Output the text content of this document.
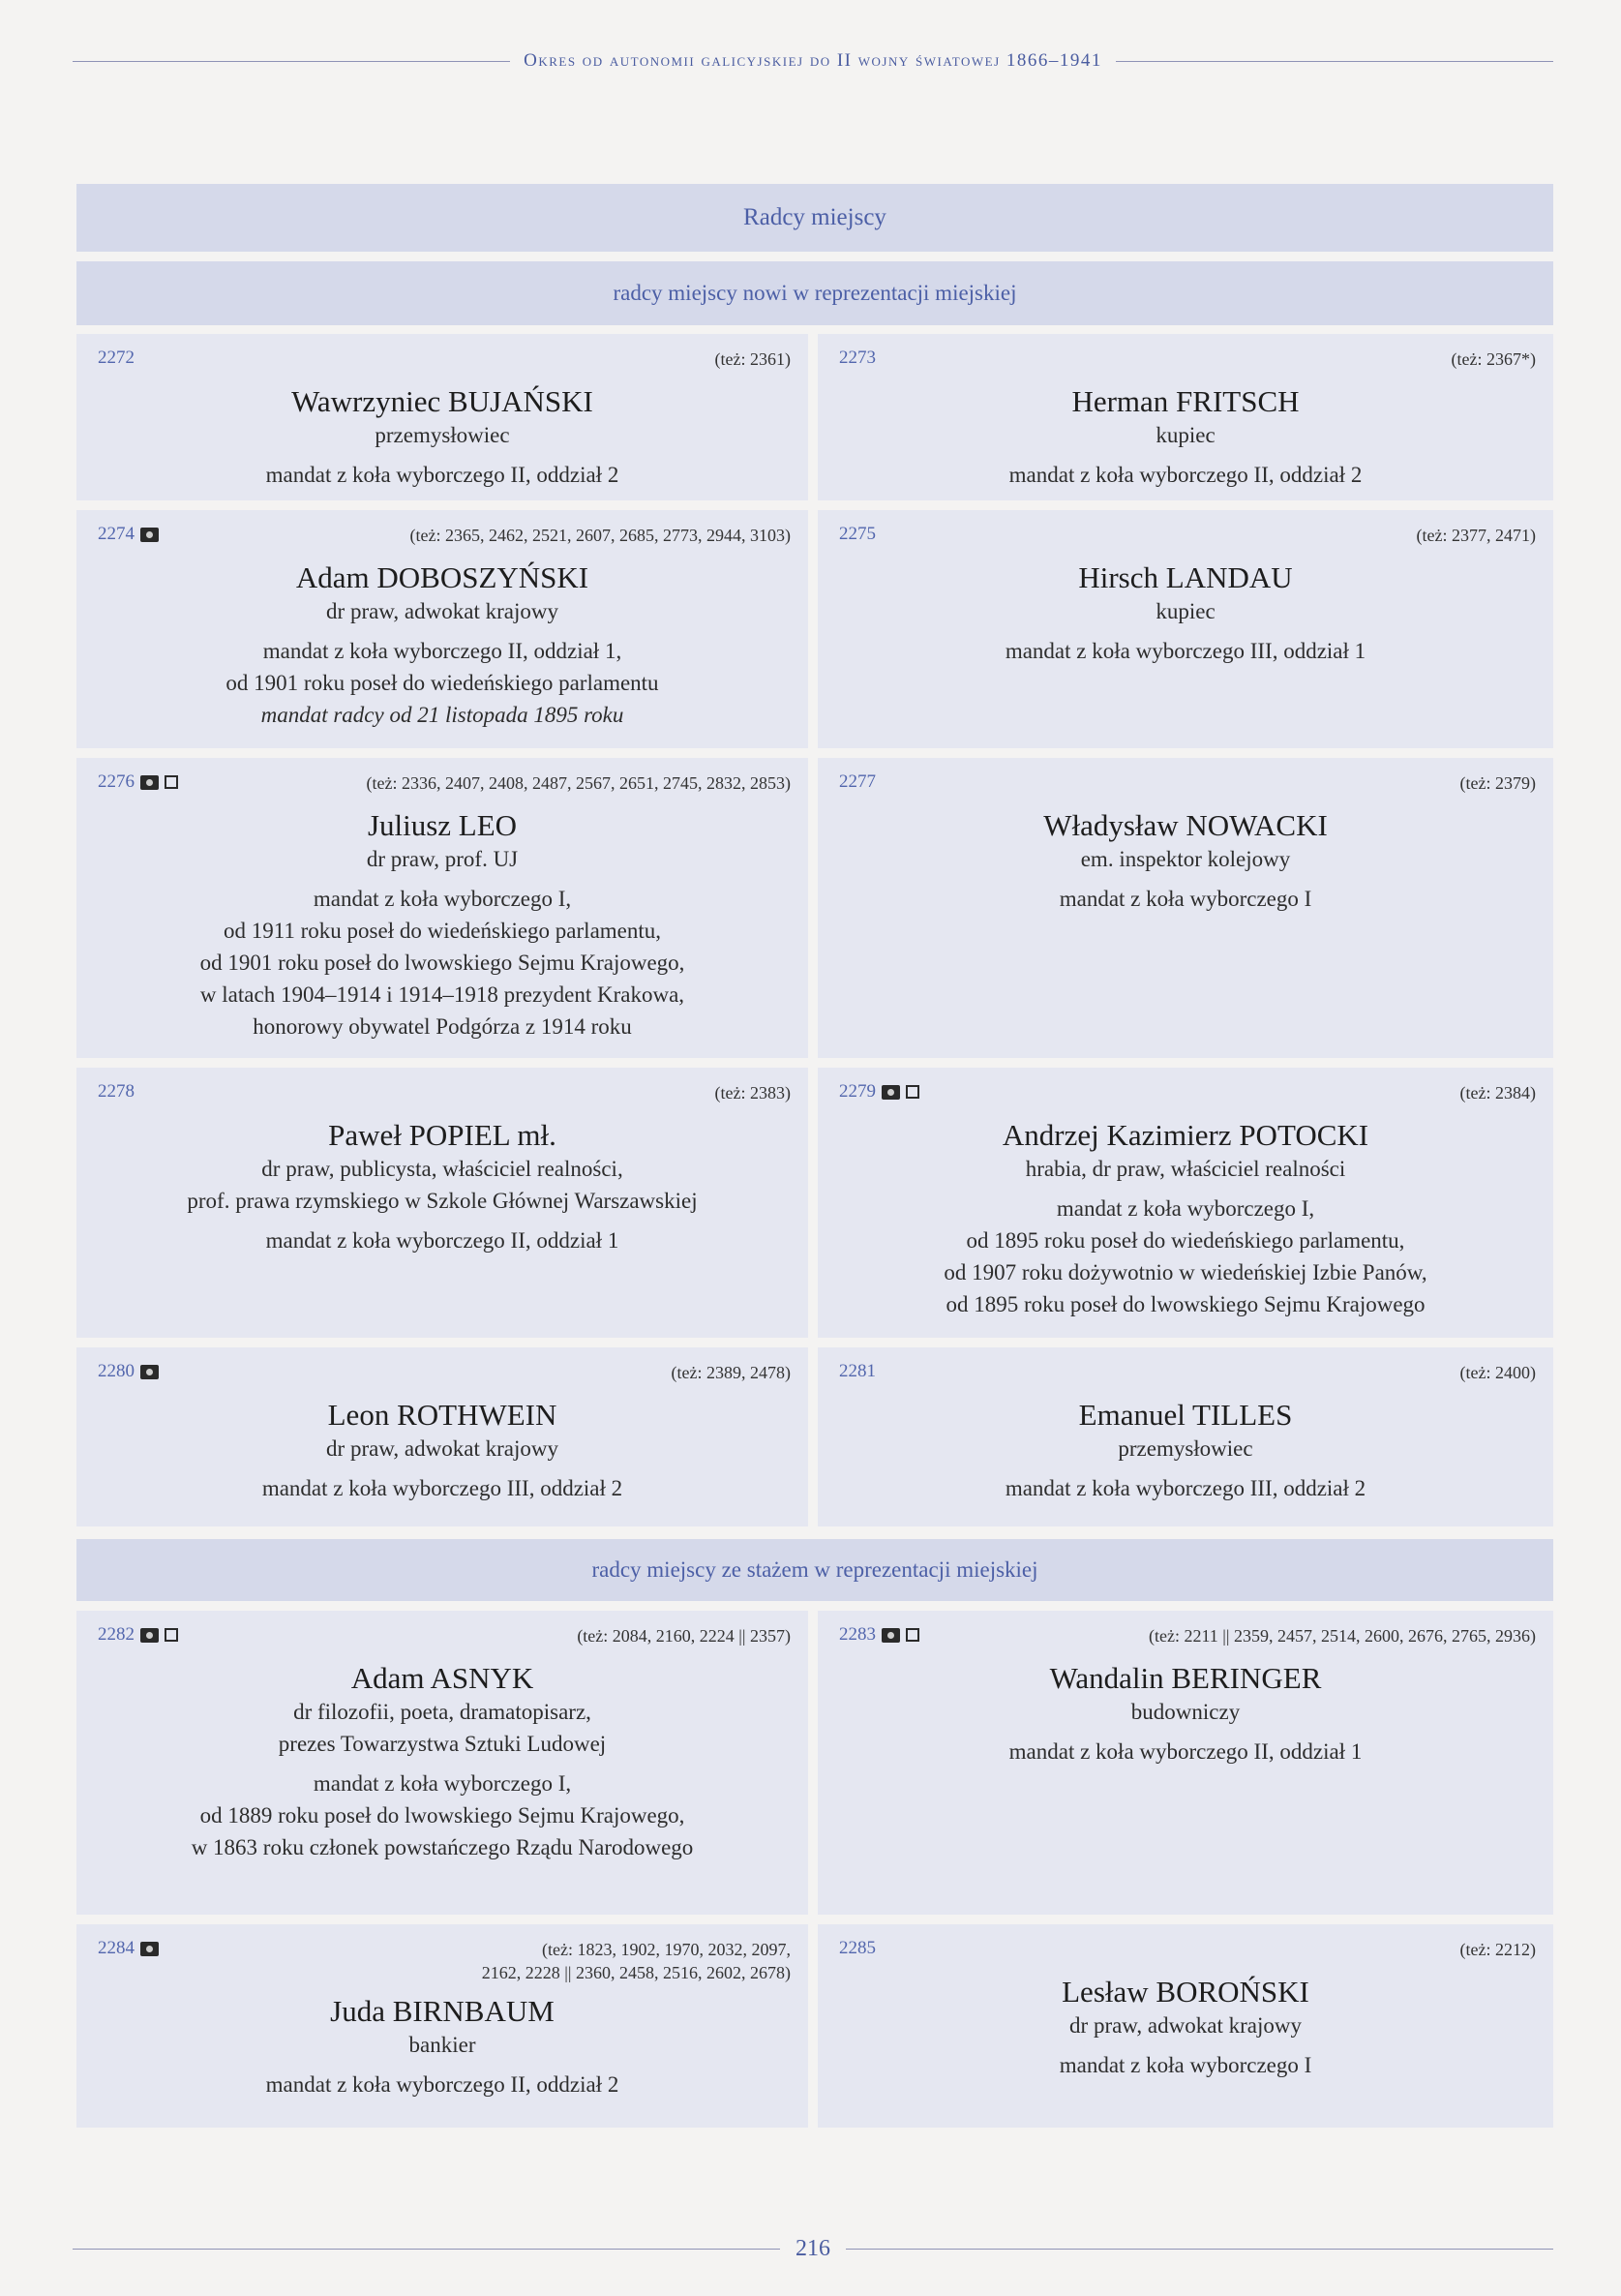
Okres od autonomii galicyjskiej do II wojny światowej 1866–1941
Radcy miejscy
radcy miejscy nowi w reprezentacji miejskiej
2272	(też: 2361)
Wawrzyniec BUJAŃSKI
przemysłowiec
mandat z koła wyborczego II, oddział 2
2273	(też: 2367*)
Herman FRITSCH
kupiec
mandat z koła wyborczego II, oddział 2
2274	(też: 2365, 2462, 2521, 2607, 2685, 2773, 2944, 3103)
Adam DOBOSZYŃSKI
dr praw, adwokat krajowy
mandat z koła wyborczego II, oddział 1,
od 1901 roku poseł do wiedeńskiego parlamentu
mandat radcy od 21 listopada 1895 roku
2275	(też: 2377, 2471)
Hirsch LANDAU
kupiec
mandat z koła wyborczego III, oddział 1
2276	(też: 2336, 2407, 2408, 2487, 2567, 2651, 2745, 2832, 2853)
Juliusz LEO
dr praw, prof. UJ
mandat z koła wyborczego I,
od 1911 roku poseł do wiedeńskiego parlamentu,
od 1901 roku poseł do lwowskiego Sejmu Krajowego,
w latach 1904–1914 i 1914–1918 prezydent Krakowa,
honorowy obywatel Podgórza z 1914 roku
2277	(też: 2379)
Władysław NOWACKI
em. inspektor kolejowy
mandat z koła wyborczego I
2278	(też: 2383)
Paweł POPIEL mł.
dr praw, publicysta, właściciel realności,
prof. prawa rzymskiego w Szkole Głównej Warszawskiej
mandat z koła wyborczego II, oddział 1
2279	(też: 2384)
Andrzej Kazimierz POTOCKI
hrabia, dr praw, właściciel realności
mandat z koła wyborczego I,
od 1895 roku poseł do wiedeńskiego parlamentu,
od 1907 roku dożywotnio w wiedeńskiej Izbie Panów,
od 1895 roku poseł do lwowskiego Sejmu Krajowego
2280	(też: 2389, 2478)
Leon ROTHWEIN
dr praw, adwokat krajowy
mandat z koła wyborczego III, oddział 2
2281	(też: 2400)
Emanuel TILLES
przemysłowiec
mandat z koła wyborczego III, oddział 2
radcy miejscy ze stażem w reprezentacji miejskiej
2282	(też: 2084, 2160, 2224 || 2357)
Adam ASNYK
dr filozofii, poeta, dramatopisarz,
prezes Towarzystwa Sztuki Ludowej
mandat z koła wyborczego I,
od 1889 roku poseł do lwowskiego Sejmu Krajowego,
w 1863 roku członek powstańczego Rządu Narodowego
2283	(też: 2211 || 2359, 2457, 2514, 2600, 2676, 2765, 2936)
Wandalin BERINGER
budowniczy
mandat z koła wyborczego II, oddział 1
2284	(też: 1823, 1902, 1970, 2032, 2097,
2162, 2228 || 2360, 2458, 2516, 2602, 2678)
Juda BIRNBAUM
bankier
mandat z koła wyborczego II, oddział 2
2285	(też: 2212)
Lesław BOROŃSKI
dr praw, adwokat krajowy
mandat z koła wyborczego I
216
